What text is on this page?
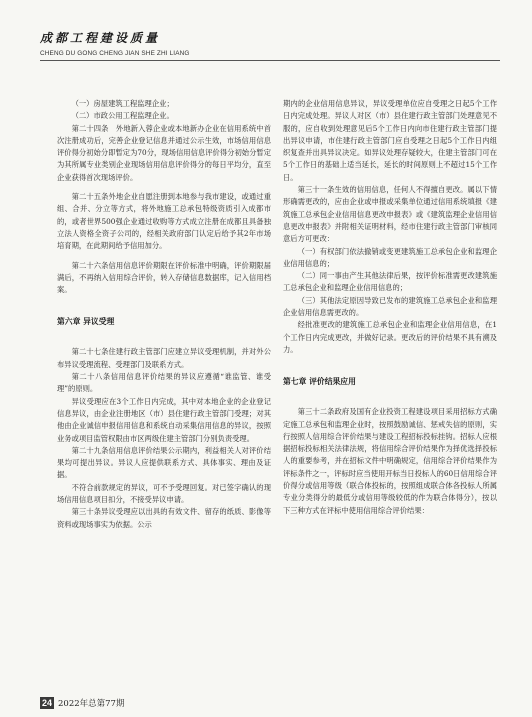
成都工程建设质量
CHENG DU GONG CHENG JIAN SHE ZHI LIANG

（一）房屋建筑工程监理企业；

（二）市政公用工程监理企业。

第二十四条　外地新入蓉企业或本地新办企业在信用系统中首次注册成功后，完善企业登记信息并通过公示生效，市场信用信息评价得分初始分即暂定为70分，现场信用信息评价得分初始分暂定为其所属专业类别企业现场信用信息评价得分的每日平均分，直至企业获得首次现场评价。

第二十五条外地企业自愿注册到本地参与我市建设，或通过重组、合并、分立等方式，将外地施工总承包特级资质引入成都市的，或者世界500强企业通过收购等方式成立注册在成都且具备独立法人资格全资子公司的，经相关政府部门认定后给予其2年市场培育期，在此期间给予信用加分。

第二十六条信用信息评价期限在评价标准中明确，评价期限届满后，不再纳入信用综合评价，转入存储信息数据库，记入信用档案。

第六章 异议受理

第二十七条住建行政主管部门应建立异议受理机制，并对外公布异议受理流程、受理部门及联系方式。

第二十八条信用信息评价结果的异议应遵循“谁监管、谁受理”的原则。

异议受理应在3个工作日内完成，其中对本地企业的企业登记信息异议，由企业注册地区（市）县住建行政主管部门受理；对其他由企业诚信申报信用信息和系统自动采集信用信息的异议，按照业务或项目监管权限由市区两级住建主管部门分别负责受理。

第二十九条信用信息评价结果公示期内，利益相关人对评价结果均可提出异议。异议人应提供联系方式、具体事实、理由及证据。

不符合前款规定的异议，可不予受理回复。对已签字确认的现场信用信息项目扣分，不接受异议申请。

第三十条异议受理应以出具的有效文件、留存的纸质、影像等资料或现场事实为依据。公示

期内的企业信用信息异议，异议受理单位应自受理之日起5个工作日内完成处理。异议人对区（市）县住建行政主管部门处理意见不服的，应自收到处理意见后5个工作日内向市住建行政主管部门提出异议申请，市住建行政主管部门应自受理之日起5个工作日内组织复查并出具异议决定。如异议处理存疑较大，住建主管部门可在5个工作日的基础上适当延长，延长的时间原则上不超过15个工作日。

第三十一条生效的信用信息，任何人不得擅自更改。属以下情形确需更改的，应由企业或申报或采集单位通过信用系统填报《建筑施工总承包企业信用信息更改申报表》或《建筑监理企业信用信息更改申报表》并附相关证明材料，经市住建行政主管部门审核同意后方可更改：

（一）有权部门依法撤销或变更建筑施工总承包企业和监理企业信用信息的；

（二）同一事由产生其他法律后果，按评价标准需更改建筑施工总承包企业和监理企业信用信息的；

（三）其他法定原因导致已发布的建筑施工总承包企业和监理企业信用信息需更改的。

经批准更改的建筑施工总承包企业和监理企业信用信息，在1个工作日内完成更改，并做好记录。更改后的评价结果不具有溯及力。

第七章 评价结果应用

第三十二条政府及国有企业投资工程建设项目采用招标方式确定施工总承包和监理企业时，按照鼓励诚信、惩戒失信的原则，实行按照人信用综合评价结果与建设工程招标投标挂钩。招标人应根据招标投标相关法律法规，将信用综合评价结果作为择优选择投标人的重要参考，并在招标文件中明确规定，信用综合评价结果作为评标条件之一，评标时应当使用开标当日投标人的60日信用综合评价得分或信用等级（联合体投标的，按照组成联合体各投标人所属专业分类得分的最低分或信用等级较低的作为联合体得分），按以下三种方式在评标中使用信用综合评价结果：

24 2022年总第77期
